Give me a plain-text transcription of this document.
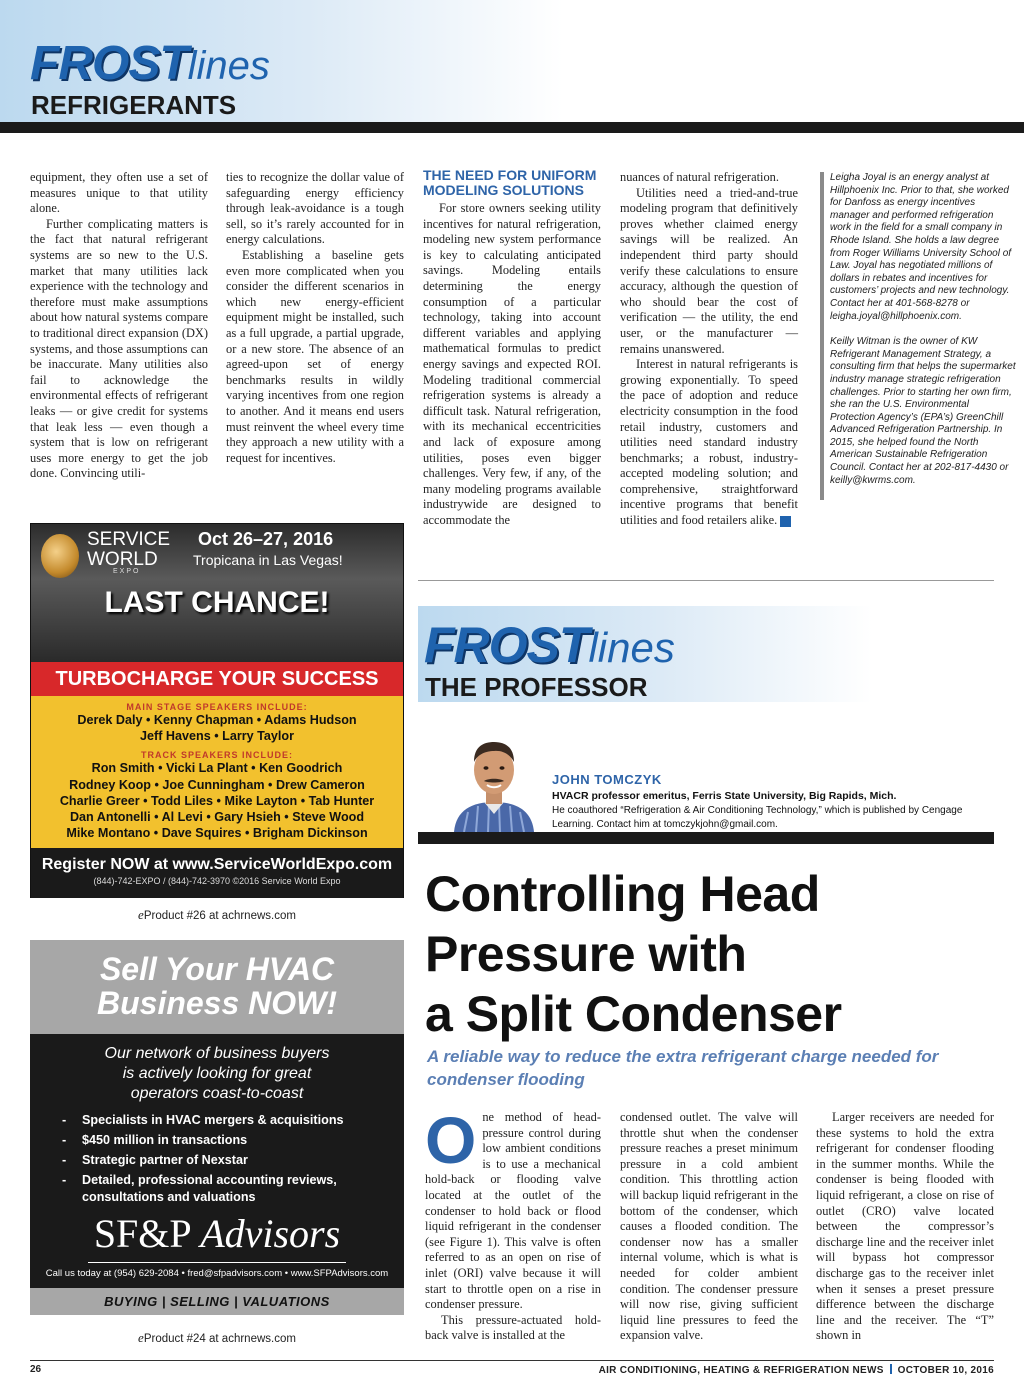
FROSTlines
REFRIGERANTS

equipment, they often use a set of measures unique to that utility alone.

Further complicating matters is the fact that natural refrigerant systems are so new to the U.S. market that many utilities lack experience with the technology and therefore must make assumptions about how natural systems compare to traditional direct expansion (DX) systems, and those assumptions can be inaccurate. Many utilities also fail to acknowledge the environmental effects of refrigerant leaks — or give credit for systems that leak less — even though a system that is low on refrigerant uses more energy to get the job done. Convincing utili-

ties to recognize the dollar value of safeguarding energy efficiency through leak-avoidance is a tough sell, so it’s rarely accounted for in energy calculations.

Establishing a baseline gets even more complicated when you consider the different scenarios in which new energy-efficient equipment might be installed, such as a full upgrade, a partial upgrade, or a new store. The absence of an agreed-upon set of energy benchmarks results in wildly varying incentives from one region to another. And it means end users must reinvent the wheel every time they approach a new utility with a request for incentives.

THE NEED FOR UNIFORM MODELING SOLUTIONS

For store owners seeking utility incentives for natural refrigeration, modeling new system performance is key to calculating anticipated savings. Modeling entails determining the energy consumption of a particular technology, taking into account different variables and applying mathematical formulas to predict energy savings and expected ROI. Modeling traditional commercial refrigeration systems is already a difficult task. Natural refrigeration, with its mechanical eccentricities and lack of exposure among utilities, poses even bigger challenges. Very few, if any, of the many modeling programs available industrywide are designed to accommodate the

nuances of natural refrigeration.

Utilities need a tried-and-true modeling program that definitively proves whether claimed energy savings will be realized. An independent third party should verify these calculations to ensure accuracy, although the question of who should bear the cost of verification — the utility, the end user, or the manufacturer — remains unanswered.

Interest in natural refrigerants is growing exponentially. To speed the pace of adoption and reduce electricity consumption in the food retail industry, customers and utilities need standard industry benchmarks; a robust, industry-accepted modeling solution; and comprehensive, straightforward incentive programs that benefit utilities and food retailers alike. N

Leigha Joyal is an energy analyst at Hillphoenix Inc. Prior to that, she worked for Danfoss as energy incentives manager and performed refrigeration work in the field for a small company in Rhode Island. She holds a law degree from Roger Williams University School of Law. Joyal has negotiated millions of dollars in rebates and incentives for customers’ projects and new technology. Contact her at 401-568-8278 or leigha.joyal@hillphoenix.com.

Keilly Witman is the owner of KW Refrigerant Management Strategy, a consulting firm that helps the supermarket industry manage strategic refrigeration challenges. Prior to starting her own firm, she ran the U.S. Environmental Protection Agency’s (EPA’s) GreenChill Advanced Refrigeration Partnership. In 2015, she helped found the North American Sustainable Refrigeration Council. Contact her at 202-817-4430 or keilly@kwrms.com.

SERVICE
WORLD
EXPO
Oct 26–27, 2016
Tropicana in Las Vegas!
LAST CHANCE!
TURBOCHARGE YOUR SUCCESS
MAIN STAGE SPEAKERS INCLUDE:
Derek Daly • Kenny Chapman • Adams Hudson
Jeff Havens • Larry Taylor
TRACK SPEAKERS INCLUDE:
Ron Smith • Vicki La Plant • Ken Goodrich
Rodney Koop • Joe Cunningham • Drew Cameron
Charlie Greer • Todd Liles • Mike Layton • Tab Hunter
Dan Antonelli • Al Levi • Gary Hsieh • Steve Wood
Mike Montano • Dave Squires • Brigham Dickinson
Register NOW at www.ServiceWorldExpo.com
(844)-742-EXPO / (844)-742-3970 ©2016 Service World Expo
eProduct #26 at achrnews.com
Sell Your HVAC
Business NOW!
Our network of business buyers
is actively looking for great
operators coast-to-coast
- Specialists in HVAC mergers & acquisitions
- $450 million in transactions
- Strategic partner of Nexstar
- Detailed, professional accounting reviews, consultations and valuations
SF&P Advisors
Call us today at (954) 629-2084 • fred@sfpadvisors.com • www.SFPAdvisors.com
BUYING | SELLING | VALUATIONS
eProduct #24 at achrnews.com
FROSTlines
THE PROFESSOR
JOHN TOMCZYK
HVACR professor emeritus, Ferris State University, Big Rapids, Mich.
He coauthored “Refrigeration & Air Conditioning Technology,” which is published by Cengage Learning. Contact him at tomczykjohn@gmail.com.
Controlling Head
Pressure with
a Split Condenser
A reliable way to reduce the extra refrigerant charge needed for condenser flooding
O ne method of head-pressure control during low ambient conditions is to use a mechanical hold-back or flooding valve located at the outlet of the condenser to hold back or flood liquid refrigerant in the condenser (see Figure 1). This valve is often referred to as an open on rise of inlet (ORI) valve because it will start to throttle open on a rise in condenser pressure.

This pressure-actuated hold-back valve is installed at the

condensed outlet. The valve will throttle shut when the condenser pressure reaches a preset minimum pressure in a cold ambient condition. This throttling action will backup liquid refrigerant in the bottom of the condenser, which causes a flooded condition. The condenser now has a smaller internal volume, which is what is needed for colder ambient condition. The condenser pressure will now rise, giving sufficient liquid line pressures to feed the expansion valve.

Larger receivers are needed for these systems to hold the extra refrigerant for condenser flooding in the summer months. While the condenser is being flooded with liquid refrigerant, a close on rise of outlet (CRO) valve located between the compressor’s discharge line and the receiver inlet will bypass hot compressor discharge gas to the receiver inlet when it senses a preset pressure difference between the discharge line and the receiver. The “T” shown in

26	AIR CONDITIONING, HEATING & REFRIGERATION NEWS OCTOBER 10, 2016
